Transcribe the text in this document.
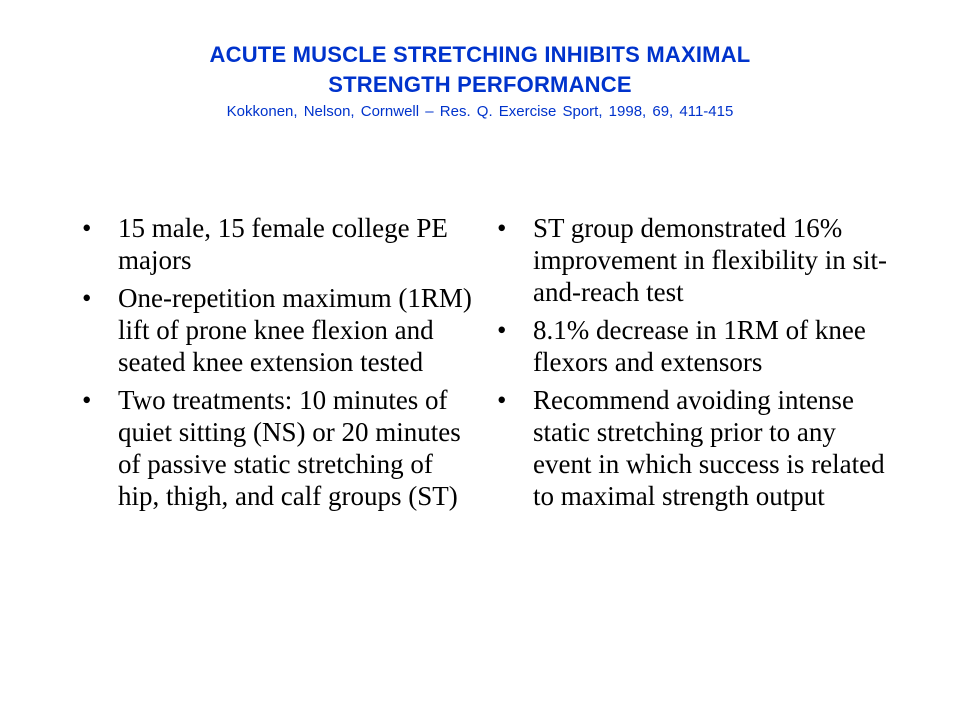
ACUTE MUSCLE STRETCHING INHIBITS MAXIMAL
STRENGTH PERFORMANCE
Kokkonen, Nelson, Cornwell – Res. Q. Exercise Sport, 1998, 69, 411-415
• 15 male, 15 female college PE majors
• One-repetition maximum (1RM) lift of prone knee flexion and seated knee extension tested
• Two treatments: 10 minutes of quiet sitting (NS) or 20 minutes of passive static stretching of hip, thigh, and calf groups (ST)
• ST group demonstrated 16% improvement in flexibility in sit-and-reach test
• 8.1% decrease in 1RM of knee flexors and extensors
• Recommend avoiding intense static stretching prior to any event in which success is related to maximal strength output
